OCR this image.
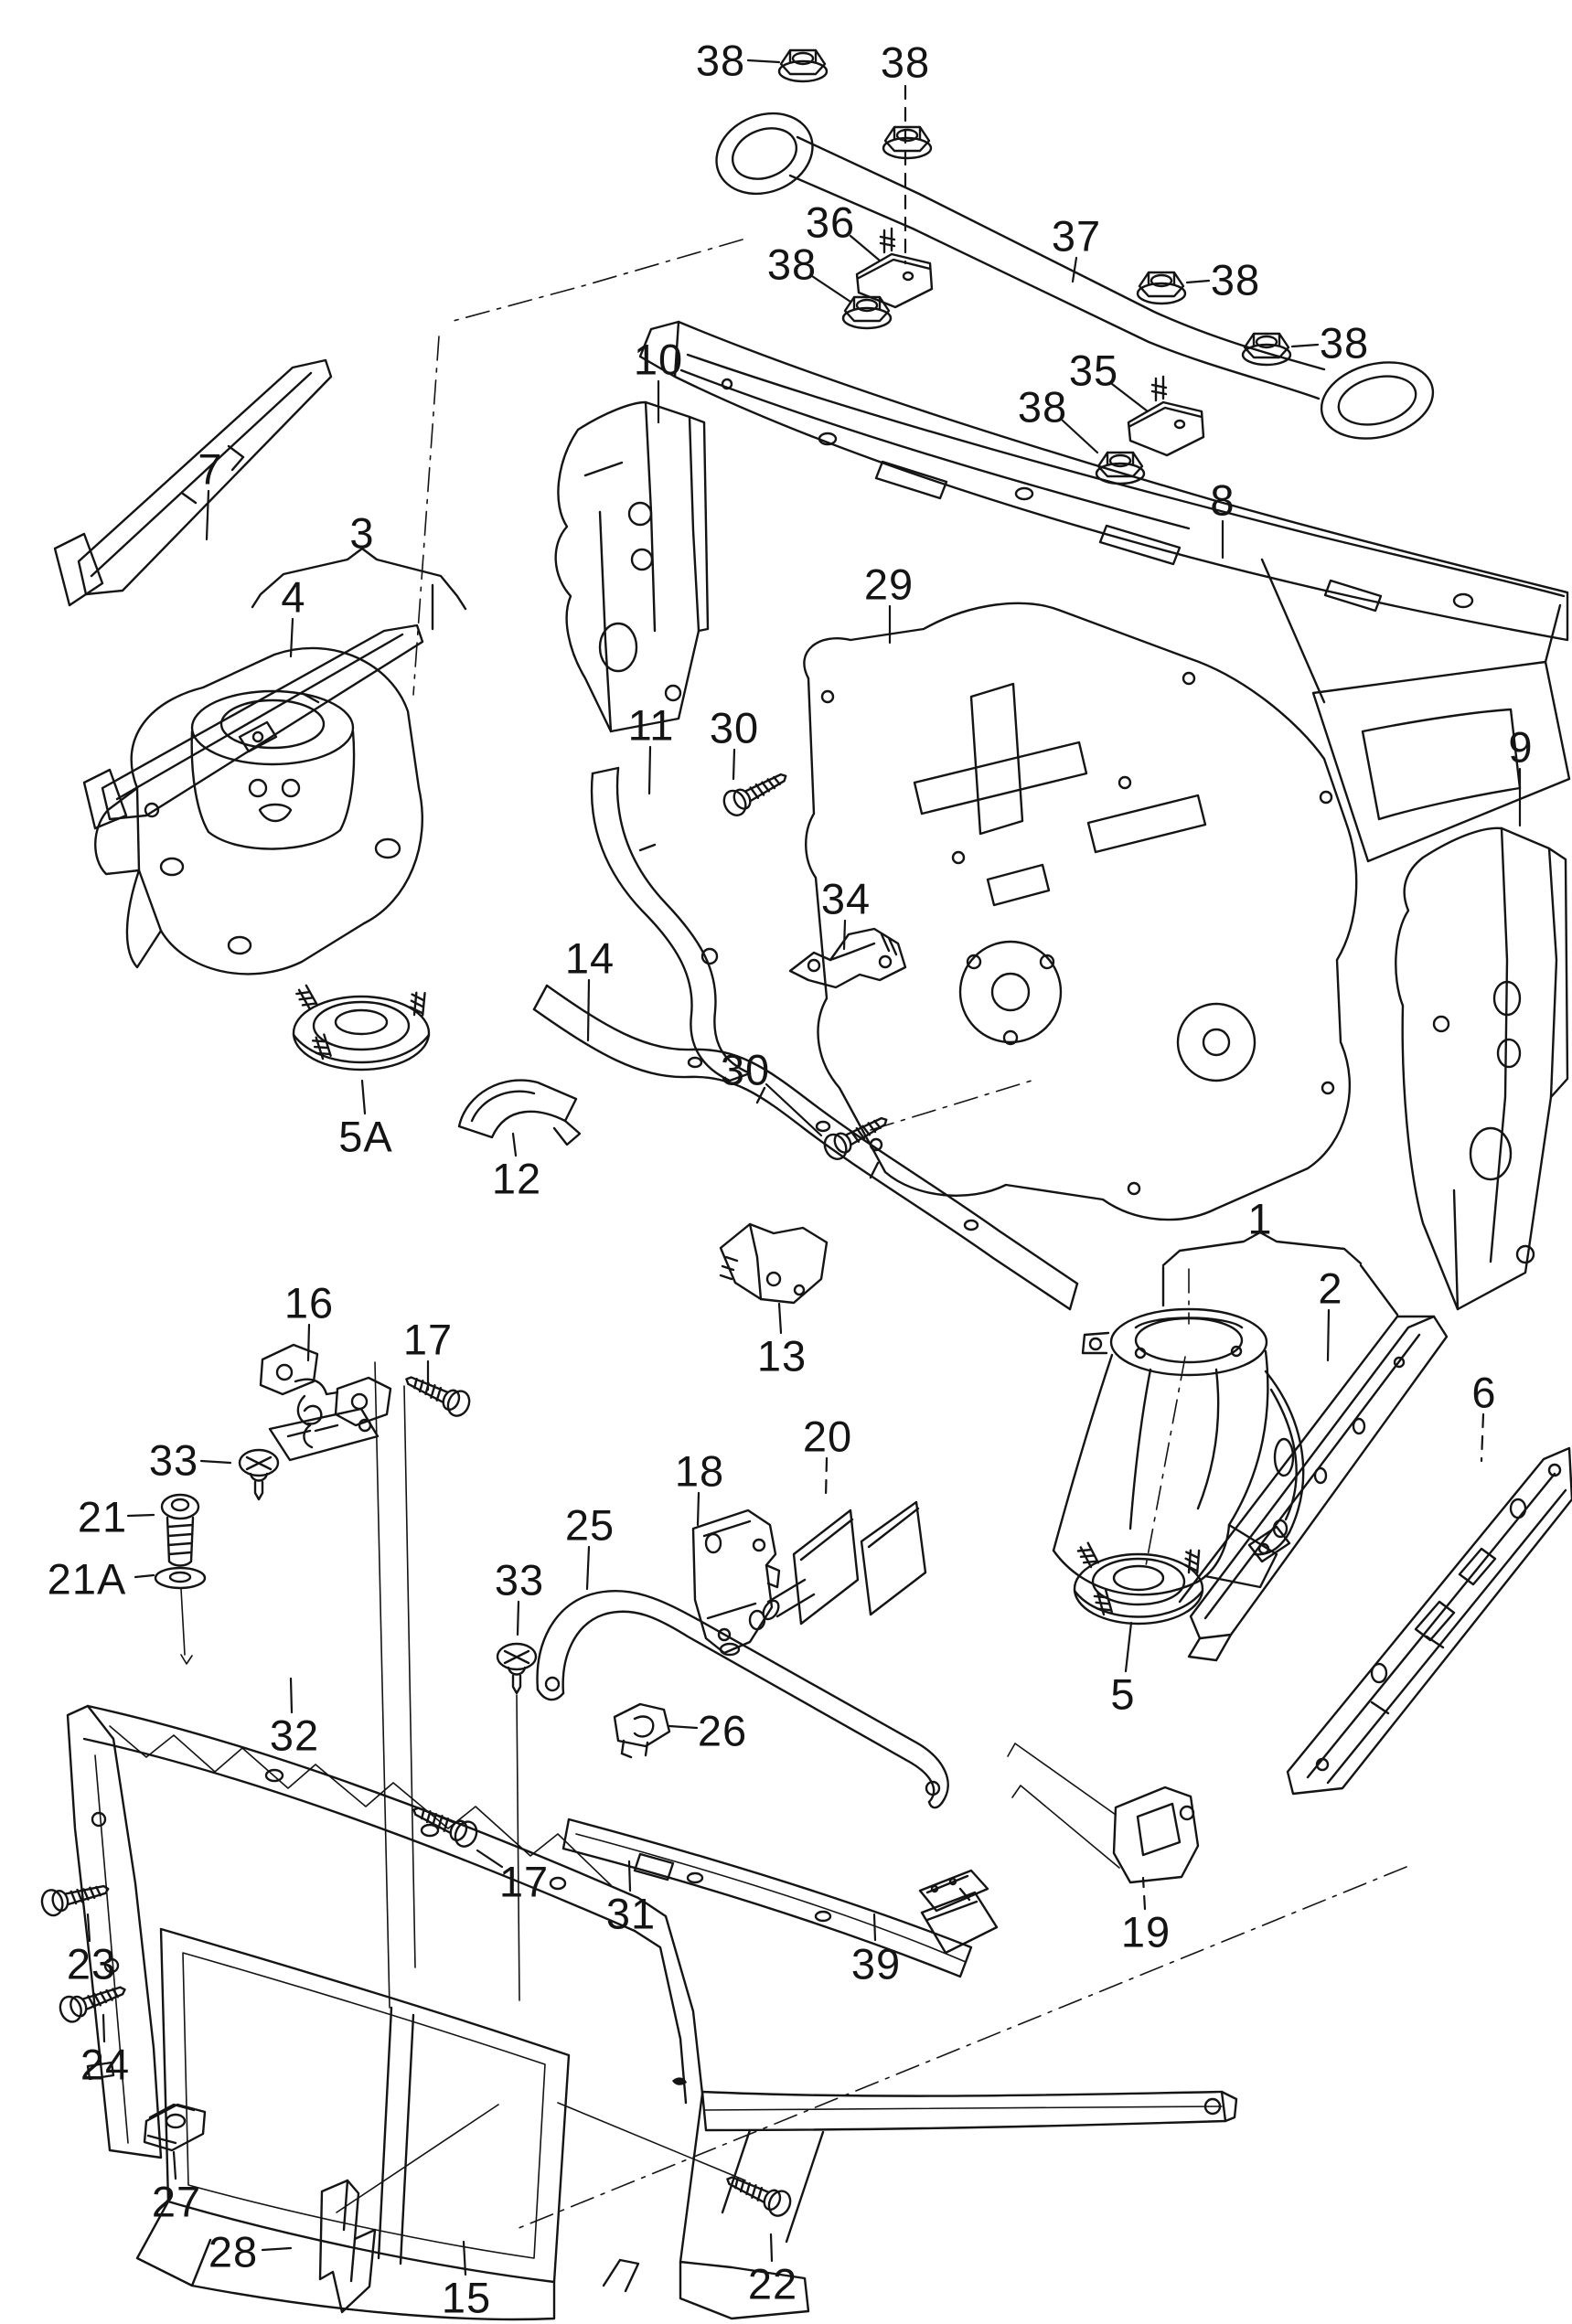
38	38
36
38
37
38
38
35
38
8
10
7
3
4	29
9
11 30
34
14
30
5A
12
13
1
2
6
16
17
33
21
21A	33
25
18
20
26
32
17
31
39
19
5
23
24
27
28
15	22
